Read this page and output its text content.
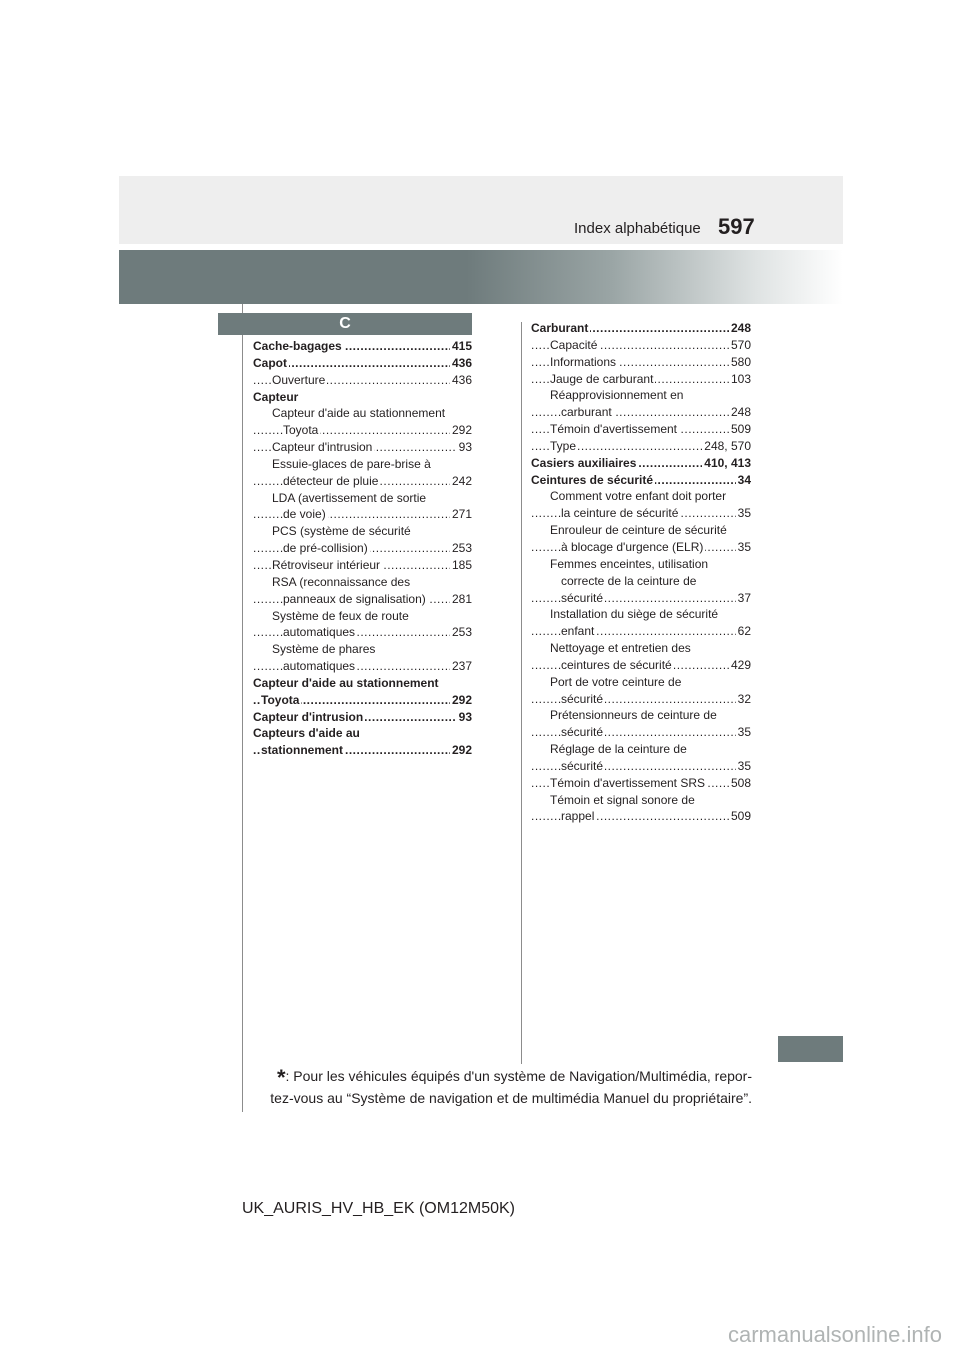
Index alphabétique 597
C
Cache-bagages	415
.....
Capot	436
.....
Ouverture	436
.....
Capteur
Capteur d'aide au stationnement
Toyota	292
.....
Capteur d'intrusion	93
.....
Essuie-glaces de pare-brise à
détecteur de pluie	242
.....
LDA (avertissement de sortie
de voie)	271
.....
PCS (système de sécurité
de pré-collision)	253
.....
Rétroviseur intérieur	185
.....
RSA (reconnaissance des
panneaux de signalisation) 281
.....
Système de feux de route
automatiques	253
.....
Système de phares
automatiques	237
.....
Capteur d'aide au stationnement
Toyota	292
.....
Capteur d'intrusion	93
.....
Capteurs d'aide au
stationnement	292
.....
Carburant	248
.....
Capacité	570
.....
Informations	580
.....
Jauge de carburant	103
.....
Réapprovisionnement en
carburant	248
.....
Témoin d'avertissement	509
.....
Type	248, 570
.....
Casiers auxiliaires	410, 413
.....
Ceintures de sécurité	34
.....
Comment votre enfant doit porter
la ceinture de sécurité	35
.....
Enrouleur de ceinture de sécurité
à blocage d'urgence (ELR)	35
.....
Femmes enceintes, utilisation
correcte de la ceinture de
sécurité	37
.....
Installation du siège de sécurité
enfant	62
.....
Nettoyage et entretien des
ceintures de sécurité	429
.....
Port de votre ceinture de
sécurité	32
.....
Prétensionneurs de ceinture de
sécurité	35
.....
Réglage de la ceinture de
sécurité	35
.....
Témoin d'avertissement SRS 508
.....
Témoin et signal sonore de
rappel	509
.....
*: Pour les véhicules équipés d'un système de Navigation/Multimédia, repor-
tez-vous au “Système de navigation et de multimédia Manuel du propriétaire”.
UK_AURIS_HV_HB_EK (OM12M50K)
carmanualsonline.info
